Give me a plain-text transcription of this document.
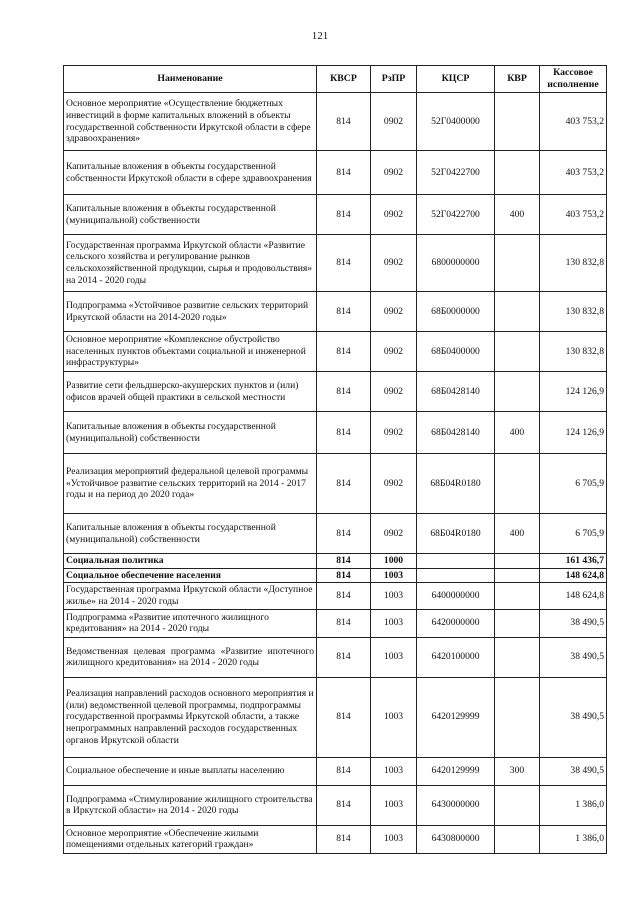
121
Наименование	КВСР	РзПР	КЦСР	КВР	Кассовое исполнение
Основное мероприятие «Осуществление бюджетных инвестиций в форме капитальных вложений в объекты государственной собственности Иркутской области в сфере здравоохранения»	814	0902	52Г0400000		403 753,2
Капитальные вложения в объекты государственной собственности Иркутской области в сфере здравоохранения	814	0902	52Г0422700		403 753,2
Капитальные вложения в объекты государственной (муниципальной) собственности	814	0902	52Г0422700	400	403 753,2
Государственная программа Иркутской области «Развитие сельского хозяйства и регулирование рынков сельскохозяйственной продукции, сырья и продовольствия» на 2014 - 2020 годы	814	0902	6800000000		130 832,8
Подпрограмма «Устойчивое развитие сельских территорий Иркутской области на 2014-2020 годы»	814	0902	68Б0000000		130 832,8
Основное мероприятие «Комплексное обустройство населенных пунктов объектами социальной и инженерной инфраструктуры»	814	0902	68Б0400000		130 832,8
Развитие сети фельдшерско-акушерских пунктов и (или) офисов врачей общей практики в сельской местности	814	0902	68Б0428140		124 126,9
Капитальные вложения в объекты государственной (муниципальной) собственности	814	0902	68Б0428140	400	124 126,9
Реализация мероприятий федеральной целевой программы «Устойчивое развитие сельских территорий на 2014 - 2017 годы и на период до 2020 года»	814	0902	68Б04R0180		6 705,9
Капитальные вложения в объекты государственной (муниципальной) собственности	814	0902	68Б04R0180	400	6 705,9
Социальная политика	814	1000			161 436,7
Социальное обеспечение населения	814	1003			148 624,8
Государственная программа Иркутской области «Доступное жилье» на 2014 - 2020 годы	814	1003	6400000000		148 624,8
Подпрограмма «Развитие ипотечного жилищного кредитования» на 2014 - 2020 годы	814	1003	6420000000		38 490,5
Ведомственная целевая программа «Развитие ипотечного жилищного кредитования» на 2014 - 2020 годы	814	1003	6420100000		38 490,5
Реализация направлений расходов основного мероприятия и (или) ведомственной целевой программы, подпрограммы государственной программы Иркутской области, а также непрограммных направлений расходов государственных органов Иркутской области	814	1003	6420129999		38 490,5
Социальное обеспечение и иные выплаты населению	814	1003	6420129999	300	38 490,5
Подпрограмма «Стимулирование жилищного строительства в Иркутской области» на 2014 - 2020 годы	814	1003	6430000000		1 386,0
Основное мероприятие «Обеспечение жилыми помещениями отдельных категорий граждан»	814	1003	6430800000		1 386,0
